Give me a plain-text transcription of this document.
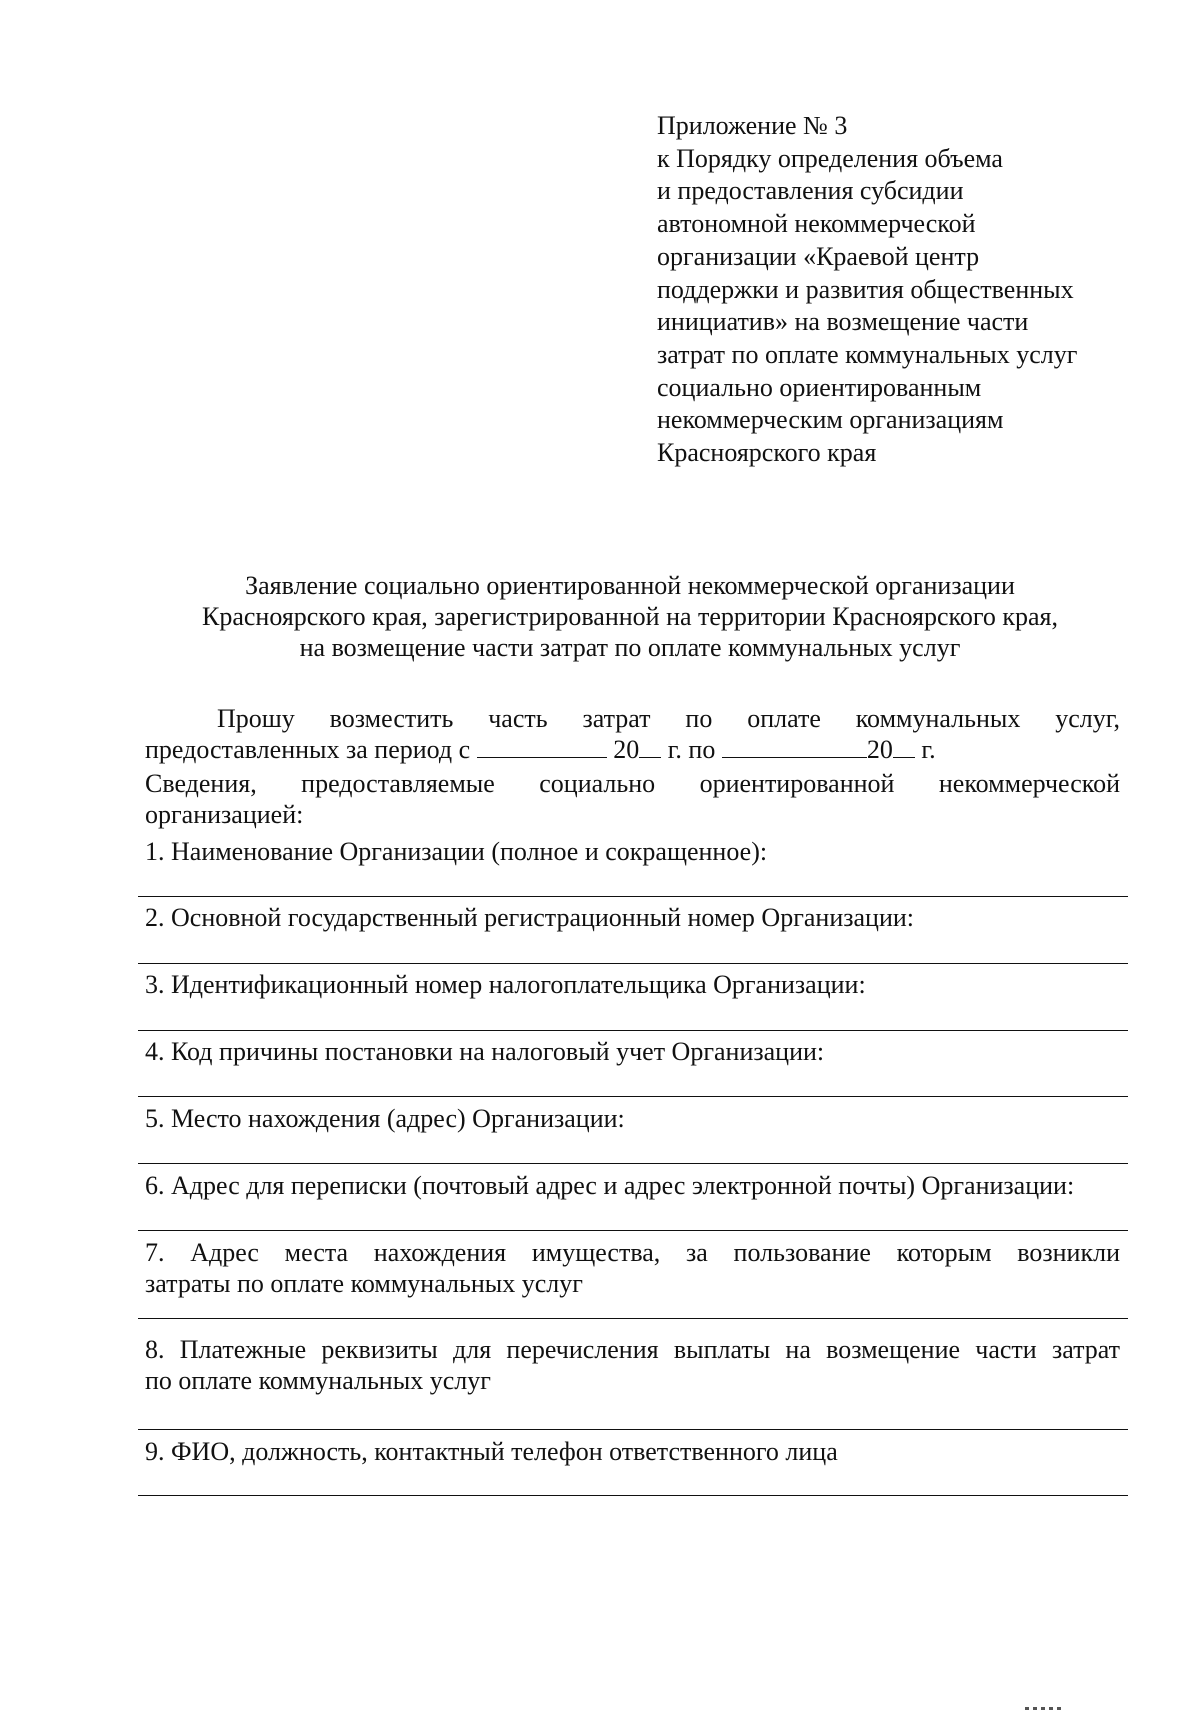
Приложение № 3
к Порядку определения объема
и предоставления субсидии
автономной некоммерческой
организации «Краевой центр
поддержки и развития общественных
инициатив» на возмещение части
затрат по оплате коммунальных услуг
социально ориентированным
некоммерческим организациям
Красноярского края
Заявление социально ориентированной некоммерческой организации
Красноярского края, зарегистрированной на территории Красноярского края,
на возмещение части затрат по оплате коммунальных услуг
Прошу возместить часть затрат по оплате коммунальных услуг,
предоставленных за период с	20 г. по	20 г.
Сведения, предоставляемые социально ориентированной некоммерческой
организацией:
1. Наименование Организации (полное и сокращенное):
2. Основной государственный регистрационный номер Организации:
3. Идентификационный номер налогоплательщика Организации:
4. Код причины постановки на налоговый учет Организации:
5. Место нахождения (адрес) Организации:
6. Адрес для переписки (почтовый адрес и адрес электронной почты) Организации:
7. Адрес места нахождения имущества, за пользование которым возникли
затраты по оплате коммунальных услуг
8. Платежные реквизиты для перечисления выплаты на возмещение части затрат
по оплате коммунальных услуг
9. ФИО, должность, контактный телефон ответственного лица
